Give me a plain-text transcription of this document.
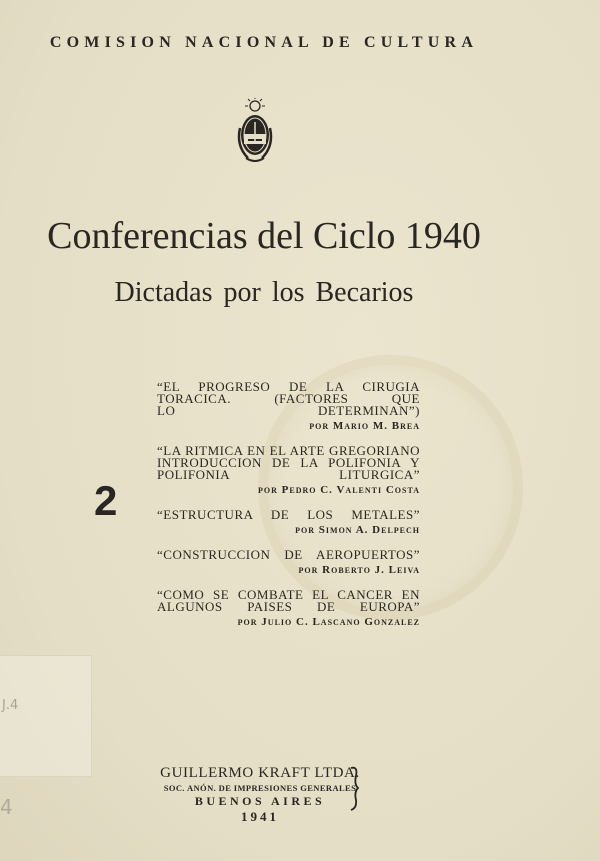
J.4
4
COMISION NACIONAL DE CULTURA
Conferencias del Ciclo 1940
Dictadas por los Becarios
2
“EL PROGRESO DE LA CIRUGIA
TORACICA. (FACTORES QUE
LO DETERMINAN”)
por Mario M. Brea
“LA RITMICA EN EL ARTE GREGORIANO
INTRODUCCION DE LA POLIFONIA Y
POLIFONIA LITURGICA”
por Pedro C. Valenti Costa
“ESTRUCTURA DE LOS METALES”
por Simon A. Delpech
“CONSTRUCCION DE AEROPUERTOS”
por Roberto J. Leiva
“COMO SE COMBATE EL CANCER EN
ALGUNOS PAISES DE EUROPA”
por Julio C. Lascano Gonzalez
GUILLERMO KRAFT LTDA.
SOC. ANÓN. DE IMPRESIONES GENERALES
BUENOS AIRES
1941
